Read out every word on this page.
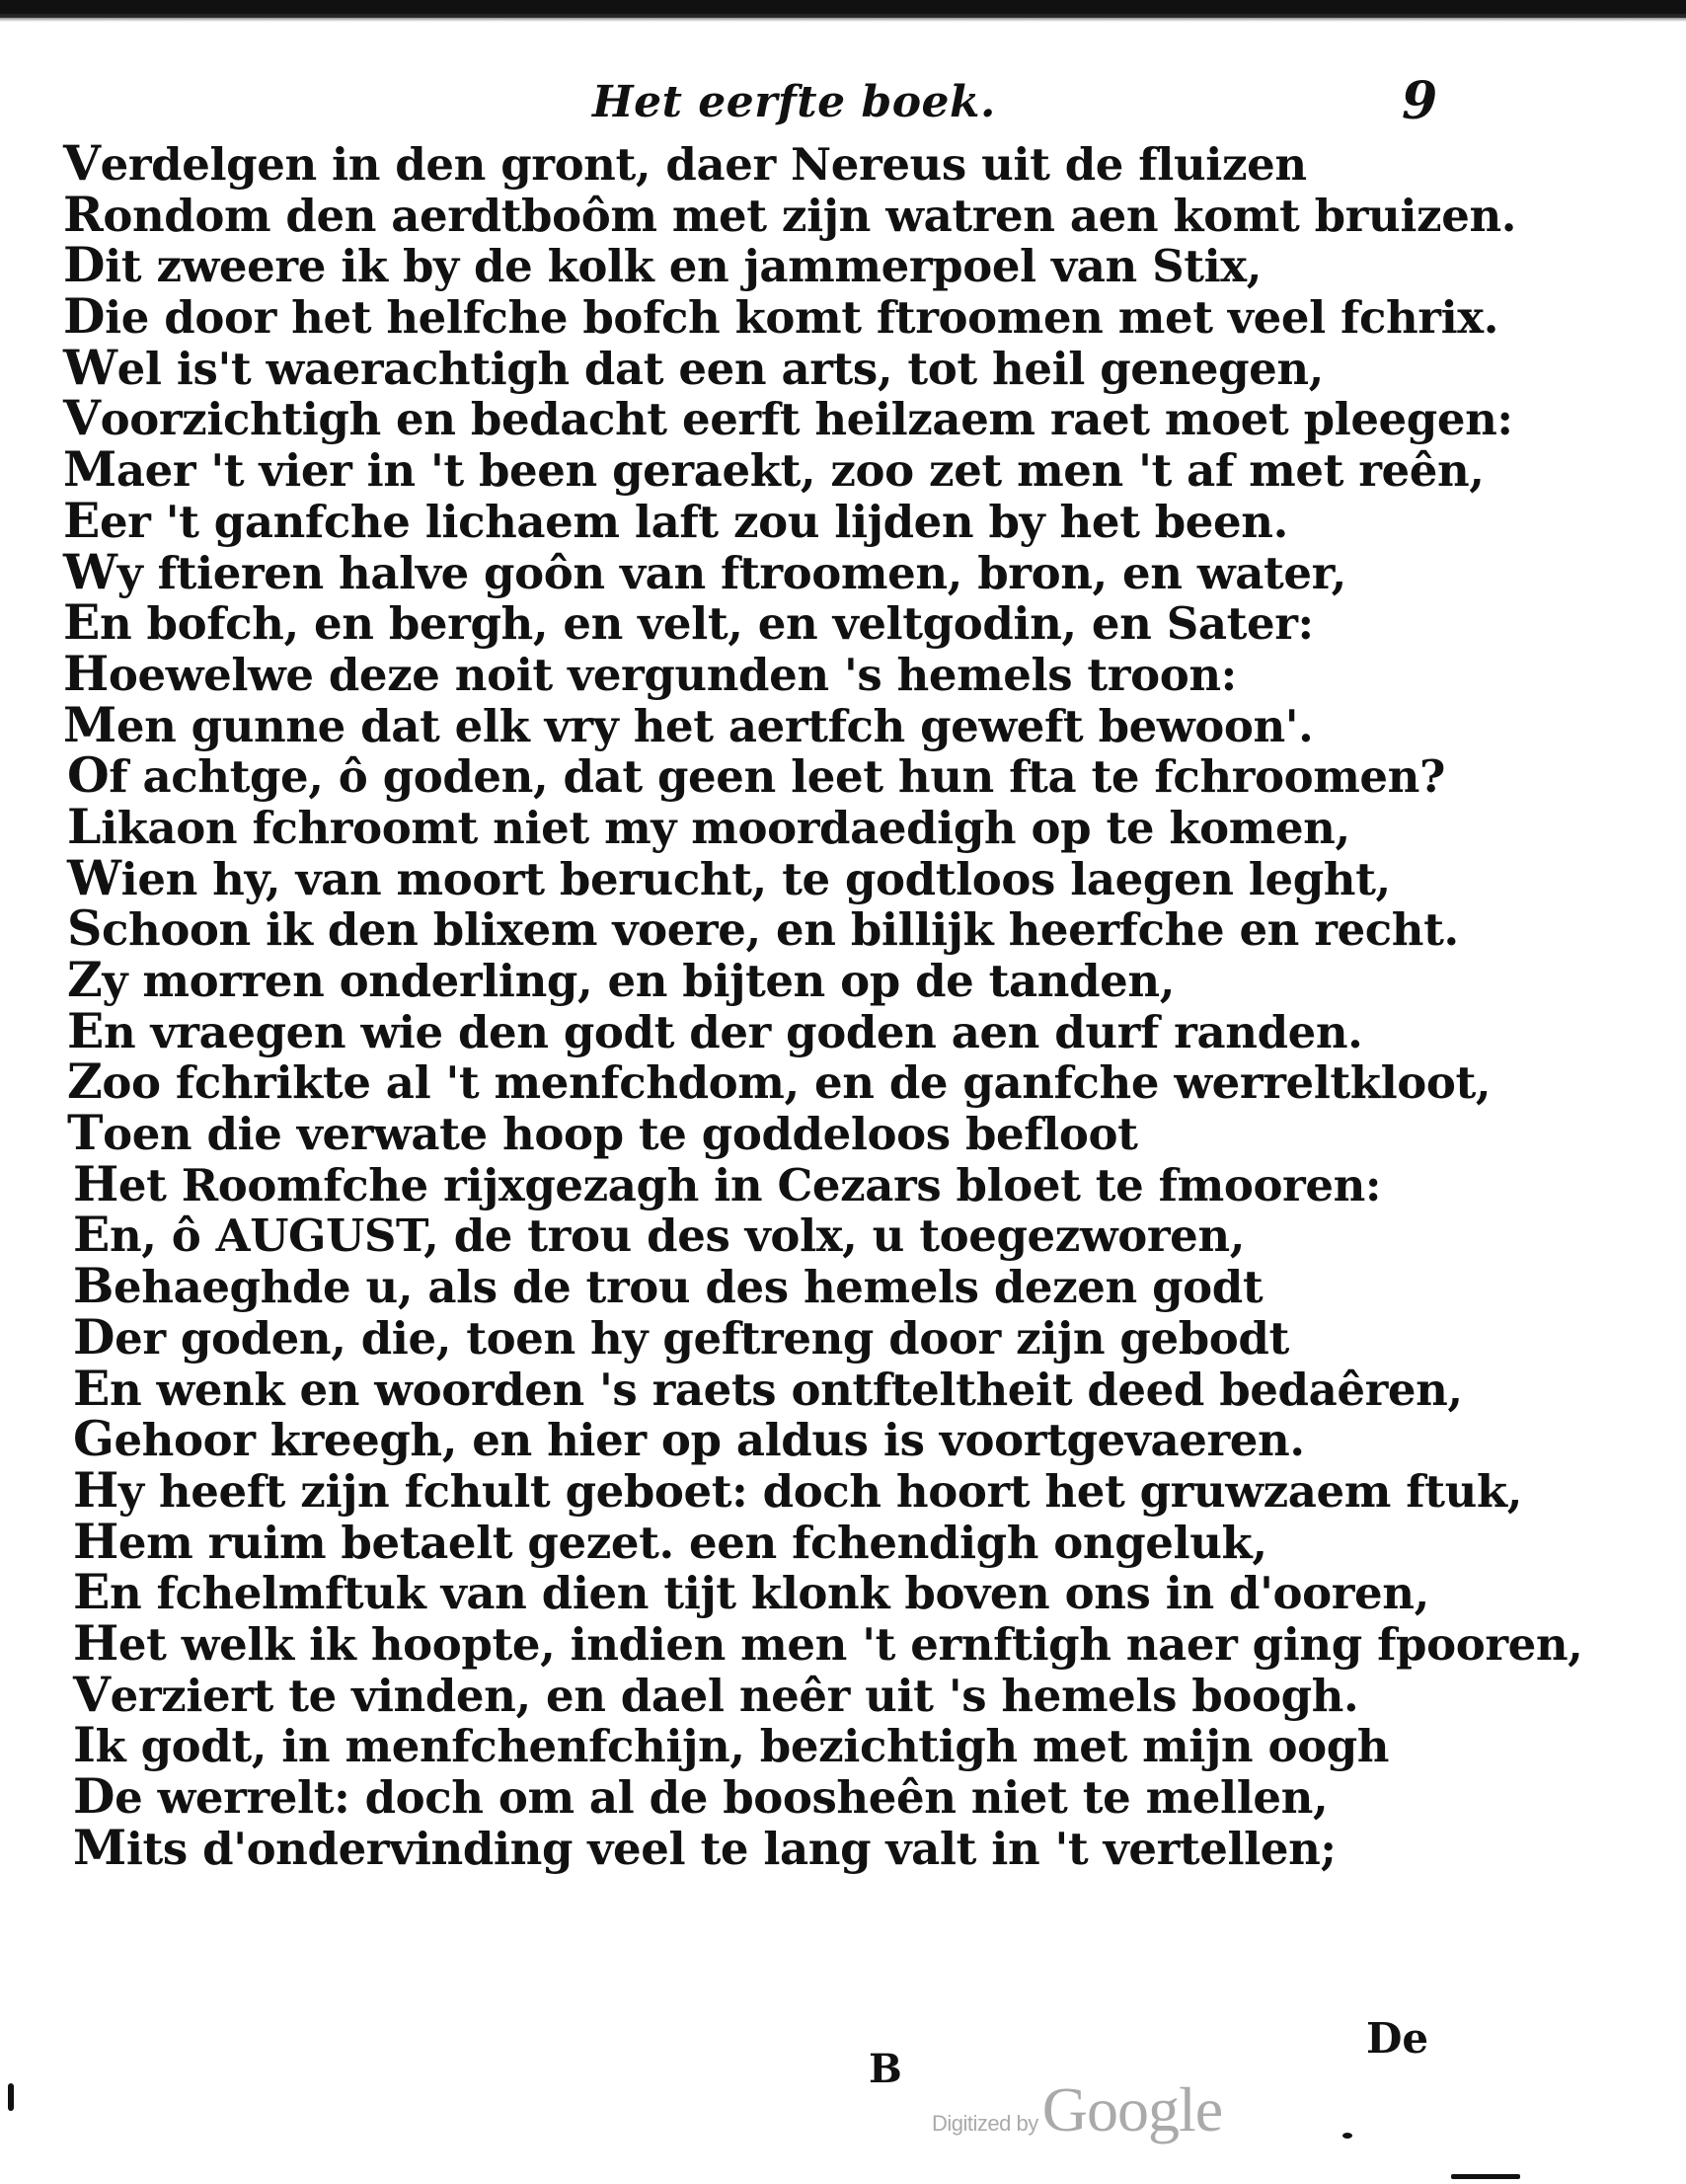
Het eerfte boek.	9
Verdelgen in den gront, daer Nereus uit de fluizen
Rondom den aerdtboôm met zijn watren aen komt bruizen.
Dit zweere ik by de kolk en jammerpoel van Stix,
Die door het helfche bofch komt ftroomen met veel fchrix.
Wel is't waerachtigh dat een arts, tot heil genegen,
Voorzichtigh en bedacht eerft heilzaem raet moet pleegen:
Maer 't vier in 't been geraekt, zoo zet men 't af met reên,
Eer 't ganfche lichaem laft zou lijden by het been.
Wy ftieren halve goôn van ftroomen, bron, en water,
En bofch, en bergh, en velt, en veltgodin, en Sater:
Hoewelwe deze noit vergunden 's hemels troon:
Men gunne dat elk vry het aertfch geweft bewoon'.
Of achtge, ô goden, dat geen leet hun fta te fchroomen?
Likaon fchroomt niet my moordaedigh op te komen,
Wien hy, van moort berucht, te godtloos laegen leght,
Schoon ik den blixem voere, en billijk heerfche en recht.
Zy morren onderling, en bijten op de tanden,
En vraegen wie den godt der goden aen durf randen.
Zoo fchrikte al 't menfchdom, en de ganfche werreltkloot,
Toen die verwate hoop te goddeloos befloot
Het Roomfche rijxgezagh in Cezars bloet te fmooren:
En, ô AUGUST, de trou des volx, u toegezworen,
Behaeghde u, als de trou des hemels dezen godt
Der goden, die, toen hy geftreng door zijn gebodt
En wenk en woorden 's raets ontfteltheit deed bedaêren,
Gehoor kreegh, en hier op aldus is voortgevaeren.
Hy heeft zijn fchult geboet: doch hoort het gruwzaem ftuk,
Hem ruim betaelt gezet. een fchendigh ongeluk,
En fchelmftuk van dien tijt klonk boven ons in d'ooren,
Het welk ik hoopte, indien men 't ernftigh naer ging fpooren,
Verziert te vinden, en dael neêr uit 's hemels boogh.
Ik godt, in menfchenfchijn, bezichtigh met mijn oogh
De werrelt: doch om al de boosheên niet te mellen,
Mits d'ondervinding veel te lang valt in 't vertellen;
B
De
Digitized by Google
